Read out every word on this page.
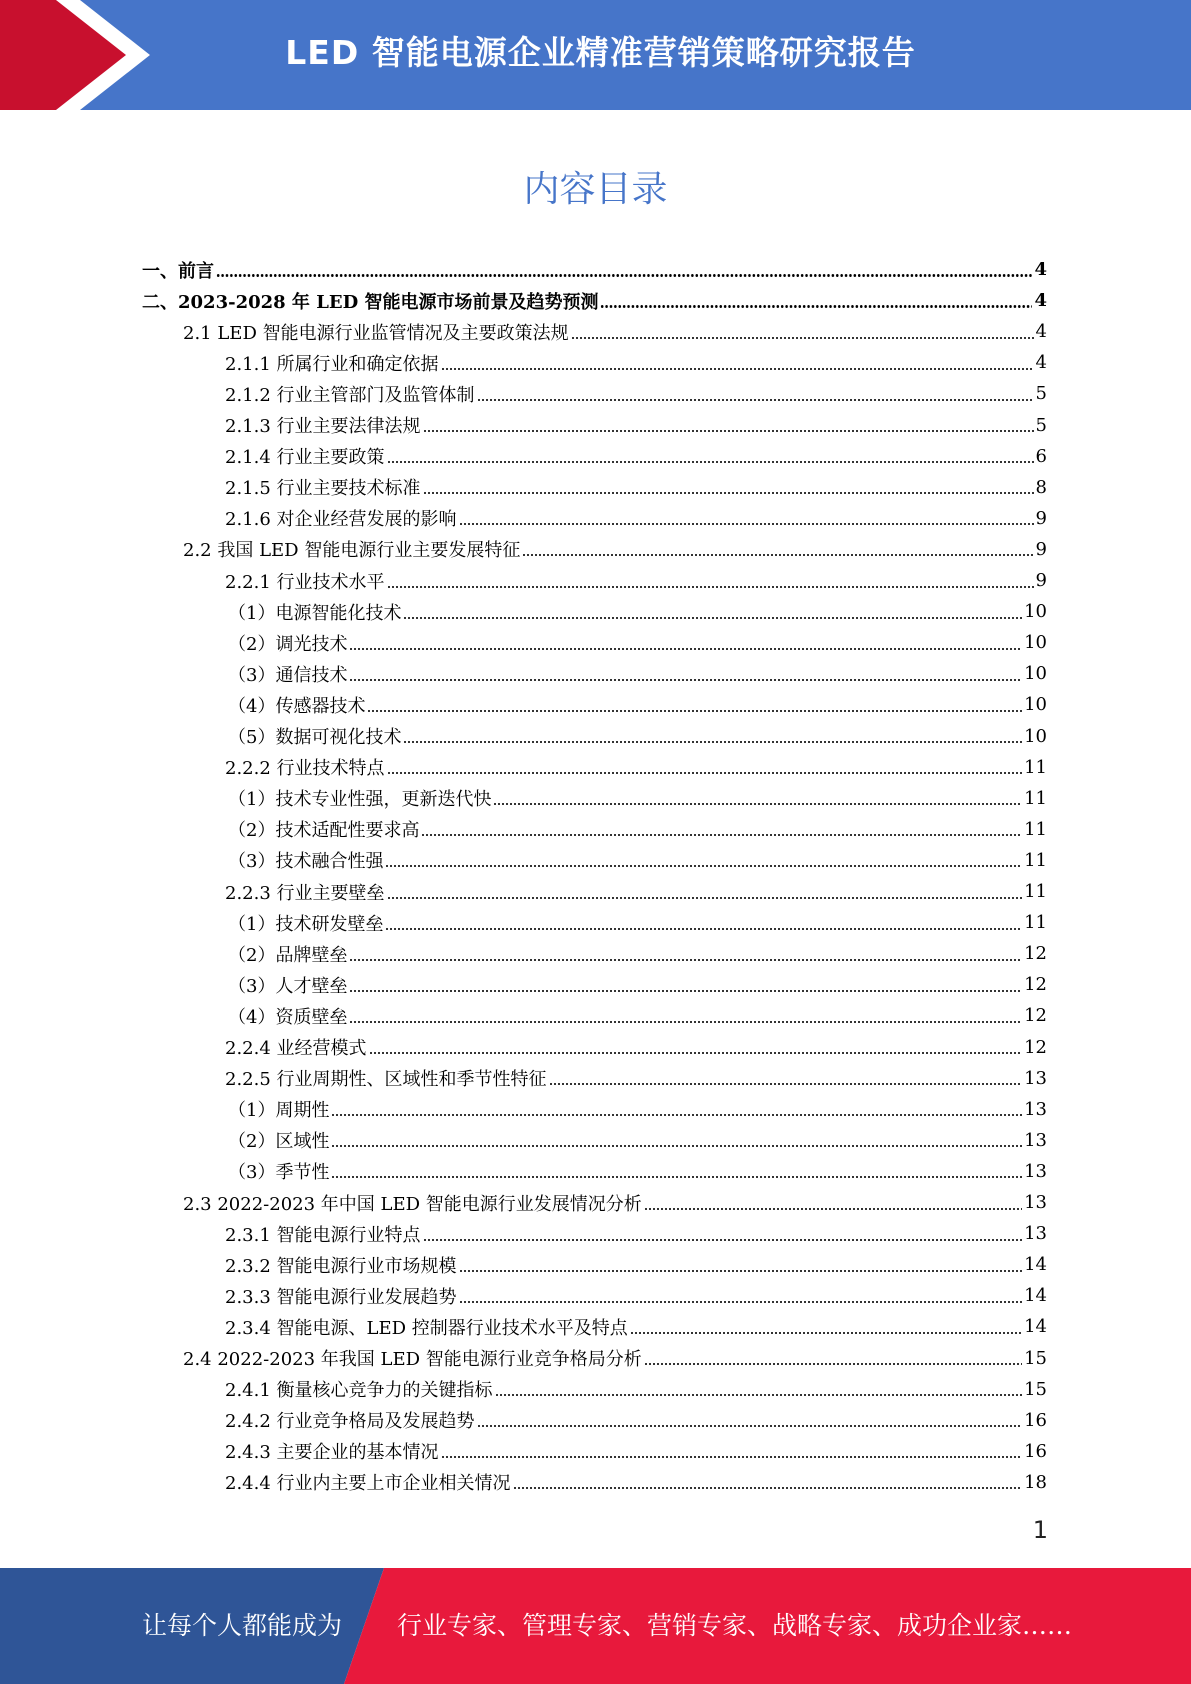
LED 智能电源企业精准营销策略研究报告
内容目录
一、前言	4
二、2023-2028 年 LED 智能电源市场前景及趋势预测	4
2.1 LED 智能电源行业监管情况及主要政策法规	4
2.1.1 所属行业和确定依据	4
2.1.2 行业主管部门及监管体制	5
2.1.3 行业主要法律法规	5
2.1.4 行业主要政策	6
2.1.5 行业主要技术标准	8
2.1.6 对企业经营发展的影响	9
2.2 我国 LED 智能电源行业主要发展特征	9
2.2.1 行业技术水平	9
（1）电源智能化技术	10
（2）调光技术	10
（3）通信技术	10
（4）传感器技术	10
（5）数据可视化技术	10
2.2.2 行业技术特点	11
（1）技术专业性强，更新迭代快	11
（2）技术适配性要求高	11
（3）技术融合性强	11
2.2.3 行业主要壁垒	11
（1）技术研发壁垒	11
（2）品牌壁垒	12
（3）人才壁垒	12
（4）资质壁垒	12
2.2.4 业经营模式	12
2.2.5 行业周期性、区域性和季节性特征	13
（1）周期性	13
（2）区域性	13
（3）季节性	13
2.3 2022-2023 年中国 LED 智能电源行业发展情况分析	13
2.3.1 智能电源行业特点	13
2.3.2 智能电源行业市场规模	14
2.3.3 智能电源行业发展趋势	14
2.3.4 智能电源、LED 控制器行业技术水平及特点	14
2.4 2022-2023 年我国 LED 智能电源行业竞争格局分析	15
2.4.1 衡量核心竞争力的关键指标	15
2.4.2 行业竞争格局及发展趋势	16
2.4.3 主要企业的基本情况	16
2.4.4 行业内主要上市企业相关情况	18
1
让每个人都能成为 行业专家、管理专家、营销专家、战略专家、成功企业家……
